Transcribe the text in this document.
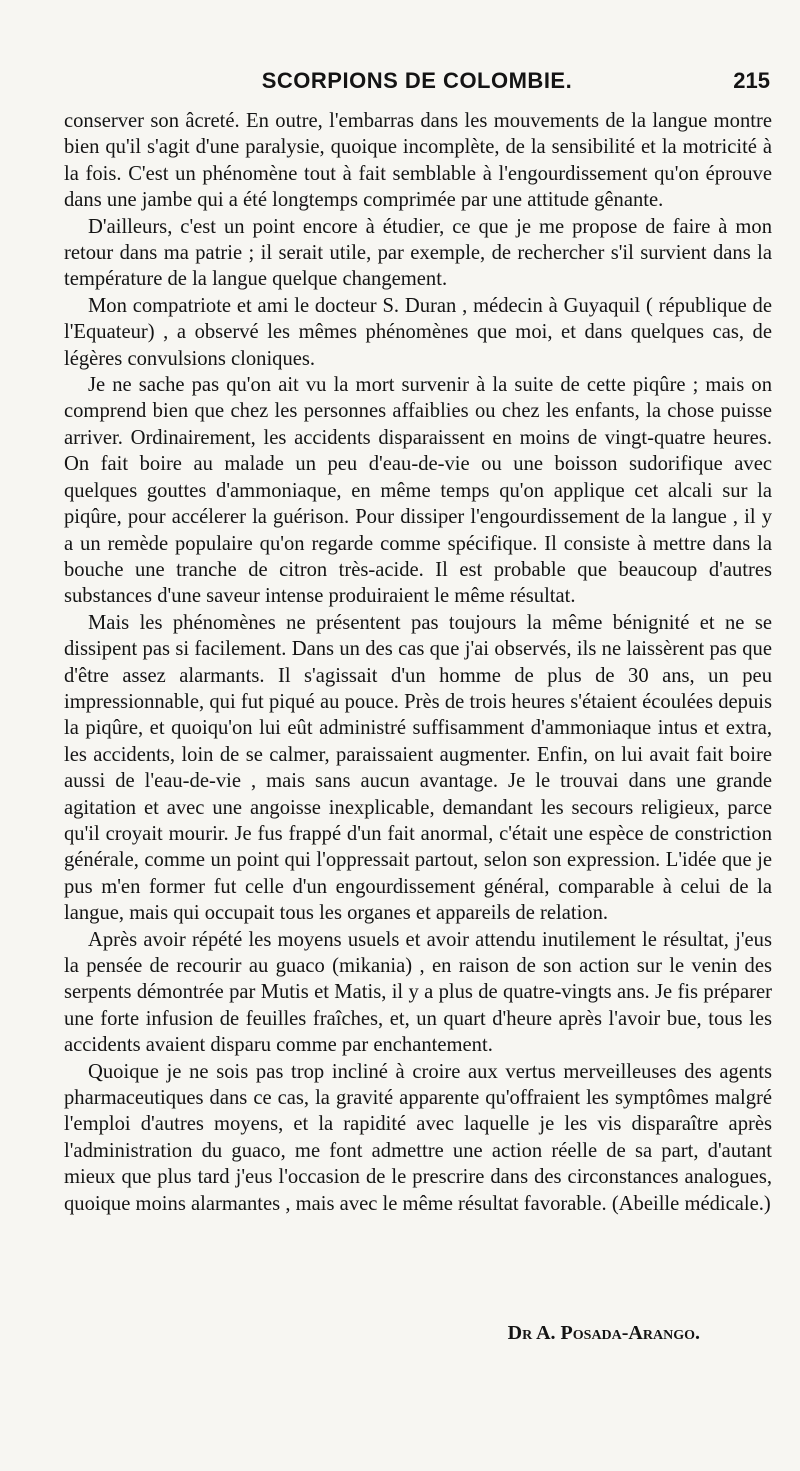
SCORPIONS DE COLOMBIE.	215

conserver son âcreté. En outre, l'embarras dans les mouvements de la langue montre bien qu'il s'agit d'une paralysie, quoique incomplète, de la sensibilité et la motricité à la fois. C'est un phénomène tout à fait semblable à l'engourdissement qu'on éprouve dans une jambe qui a été longtemps comprimée par une attitude gênante.

D'ailleurs, c'est un point encore à étudier, ce que je me propose de faire à mon retour dans ma patrie ; il serait utile, par exemple, de rechercher s'il survient dans la température de la langue quelque changement.

Mon compatriote et ami le docteur S. Duran , médecin à Guyaquil ( république de l'Equateur) , a observé les mêmes phénomènes que moi, et dans quelques cas, de légères convulsions cloniques.

Je ne sache pas qu'on ait vu la mort survenir à la suite de cette piqûre ; mais on comprend bien que chez les personnes affaiblies ou chez les enfants, la chose puisse arriver. Ordinairement, les accidents disparaissent en moins de vingt-quatre heures. On fait boire au malade un peu d'eau-de-vie ou une boisson sudorifique avec quelques gouttes d'ammoniaque, en même temps qu'on applique cet alcali sur la piqûre, pour accélerer la guérison. Pour dissiper l'engourdissement de la langue , il y a un remède populaire qu'on regarde comme spécifique. Il consiste à mettre dans la bouche une tranche de citron très-acide. Il est probable que beaucoup d'autres substances d'une saveur intense produiraient le même résultat.

Mais les phénomènes ne présentent pas toujours la même bénignité et ne se dissipent pas si facilement. Dans un des cas que j'ai observés, ils ne laissèrent pas que d'être assez alarmants. Il s'agissait d'un homme de plus de 30 ans, un peu impressionnable, qui fut piqué au pouce. Près de trois heures s'étaient écoulées depuis la piqûre, et quoiqu'on lui eût administré suffisamment d'ammoniaque intus et extra, les accidents, loin de se calmer, paraissaient augmenter. Enfin, on lui avait fait boire aussi de l'eau-de-vie , mais sans aucun avantage. Je le trouvai dans une grande agitation et avec une angoisse inexplicable, demandant les secours religieux, parce qu'il croyait mourir. Je fus frappé d'un fait anormal, c'était une espèce de constriction générale, comme un point qui l'oppressait partout, selon son expression. L'idée que je pus m'en former fut celle d'un engourdissement général, comparable à celui de la langue, mais qui occupait tous les organes et appareils de relation.

Après avoir répété les moyens usuels et avoir attendu inutilement le résultat, j'eus la pensée de recourir au guaco (mikania) , en raison de son action sur le venin des serpents démontrée par Mutis et Matis, il y a plus de quatre-vingts ans. Je fis préparer une forte infusion de feuilles fraîches, et, un quart d'heure après l'avoir bue, tous les accidents avaient disparu comme par enchantement.

Quoique je ne sois pas trop incliné à croire aux vertus merveilleuses des agents pharmaceutiques dans ce cas, la gravité apparente qu'offraient les symptômes malgré l'emploi d'autres moyens, et la rapidité avec laquelle je les vis disparaître après l'administration du guaco, me font admettre une action réelle de sa part, d'autant mieux que plus tard j'eus l'occasion de le prescrire dans des circonstances analogues, quoique moins alarmantes , mais avec le même résultat favorable. (Abeille médicale.)

Dr A. Posada-Arango.
